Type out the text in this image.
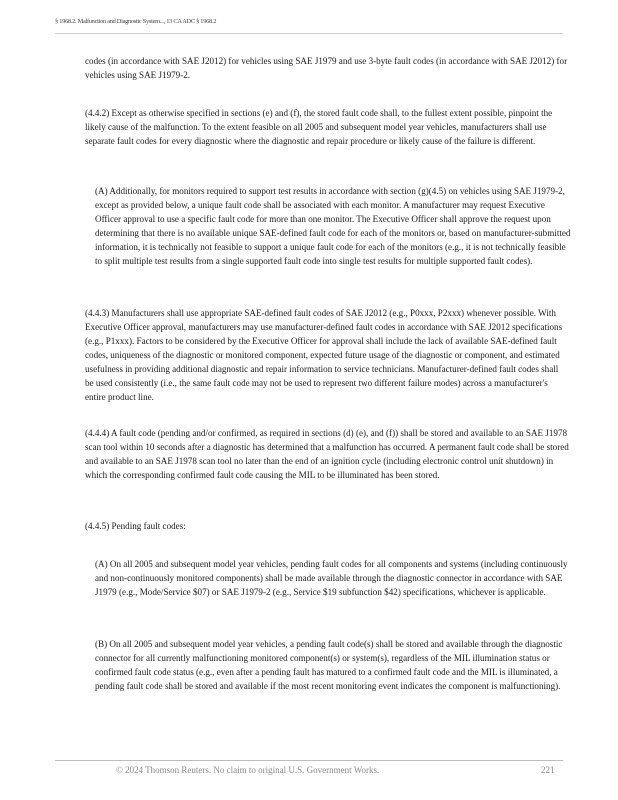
§ 1968.2. Malfunction and Diagnostic System..., 13 CA ADC § 1968.2

codes (in accordance with SAE J2012) for vehicles using SAE J1979 and use 3-byte fault codes (in accordance with SAE J2012) for vehicles using SAE J1979-2.

(4.4.2) Except as otherwise specified in sections (e) and (f), the stored fault code shall, to the fullest extent possible, pinpoint the likely cause of the malfunction. To the extent feasible on all 2005 and subsequent model year vehicles, manufacturers shall use separate fault codes for every diagnostic where the diagnostic and repair procedure or likely cause of the failure is different.

(A) Additionally, for monitors required to support test results in accordance with section (g)(4.5) on vehicles using SAE J1979-2, except as provided below, a unique fault code shall be associated with each monitor. A manufacturer may request Executive Officer approval to use a specific fault code for more than one monitor. The Executive Officer shall approve the request upon determining that there is no available unique SAE-defined fault code for each of the monitors or, based on manufacturer-submitted information, it is technically not feasible to support a unique fault code for each of the monitors (e.g., it is not technically feasible to split multiple test results from a single supported fault code into single test results for multiple supported fault codes).

(4.4.3) Manufacturers shall use appropriate SAE-defined fault codes of SAE J2012 (e.g., P0xxx, P2xxx) whenever possible. With Executive Officer approval, manufacturers may use manufacturer-defined fault codes in accordance with SAE J2012 specifications (e.g., P1xxx). Factors to be considered by the Executive Officer for approval shall include the lack of available SAE-defined fault codes, uniqueness of the diagnostic or monitored component, expected future usage of the diagnostic or component, and estimated usefulness in providing additional diagnostic and repair information to service technicians. Manufacturer-defined fault codes shall be used consistently (i.e., the same fault code may not be used to represent two different failure modes) across a manufacturer's entire product line.

(4.4.4) A fault code (pending and/or confirmed, as required in sections (d) (e), and (f)) shall be stored and available to an SAE J1978 scan tool within 10 seconds after a diagnostic has determined that a malfunction has occurred. A permanent fault code shall be stored and available to an SAE J1978 scan tool no later than the end of an ignition cycle (including electronic control unit shutdown) in which the corresponding confirmed fault code causing the MIL to be illuminated has been stored.

(4.4.5) Pending fault codes:

(A) On all 2005 and subsequent model year vehicles, pending fault codes for all components and systems (including continuously and non-continuously monitored components) shall be made available through the diagnostic connector in accordance with SAE J1979 (e.g., Mode/Service $07) or SAE J1979-2 (e.g., Service $19 subfunction $42) specifications, whichever is applicable.

(B) On all 2005 and subsequent model year vehicles, a pending fault code(s) shall be stored and available through the diagnostic connector for all currently malfunctioning monitored component(s) or system(s), regardless of the MIL illumination status or confirmed fault code status (e.g., even after a pending fault has matured to a confirmed fault code and the MIL is illuminated, a pending fault code shall be stored and available if the most recent monitoring event indicates the component is malfunctioning).

© 2024 Thomson Reuters. No claim to original U.S. Government Works.	221
